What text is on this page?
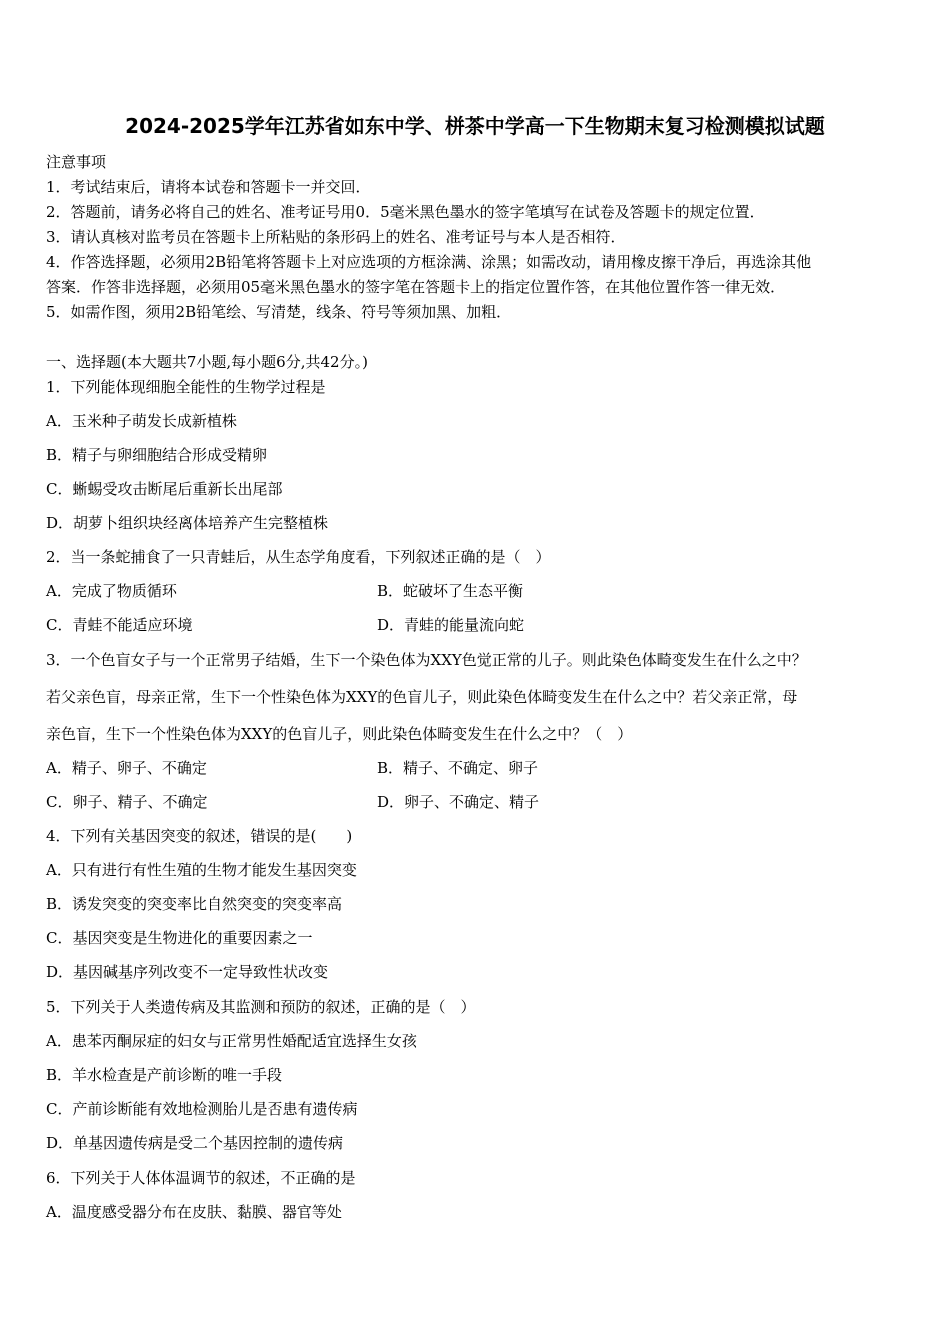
2024-2025学年江苏省如东中学、栟茶中学高一下生物期末复习检测模拟试题
注意事项
1．考试结束后，请将本试卷和答题卡一并交回．
2．答题前，请务必将自己的姓名、准考证号用0．5毫米黑色墨水的签字笔填写在试卷及答题卡的规定位置．
3．请认真核对监考员在答题卡上所粘贴的条形码上的姓名、准考证号与本人是否相符．
4．作答选择题，必须用2B铅笔将答题卡上对应选项的方框涂满、涂黑；如需改动，请用橡皮擦干净后，再选涂其他
答案．作答非选择题，必须用05毫米黑色墨水的签字笔在答题卡上的指定位置作答，在其他位置作答一律无效．
5．如需作图，须用2B铅笔绘、写清楚，线条、符号等须加黑、加粗．
一、选择题(本大题共7小题,每小题6分,共42分。)
1．下列能体现细胞全能性的生物学过程是
A．玉米种子萌发长成新植株
B．精子与卵细胞结合形成受精卵
C．蜥蜴受攻击断尾后重新长出尾部
D．胡萝卜组织块经离体培养产生完整植株
2．当一条蛇捕食了一只青蛙后，从生态学角度看，下列叙述正确的是（　）
A．完成了物质循环	B．蛇破坏了生态平衡
C．青蛙不能适应环境	D．青蛙的能量流向蛇
3．一个色盲女子与一个正常男子结婚，生下一个染色体为XXY色觉正常的儿子。则此染色体畸变发生在什么之中？
若父亲色盲，母亲正常，生下一个性染色体为XXY的色盲儿子，则此染色体畸变发生在什么之中？若父亲正常，母
亲色盲，生下一个性染色体为XXY的色盲儿子，则此染色体畸变发生在什么之中？（　）
A．精子、卵子、不确定	B．精子、不确定、卵子
C．卵子、精子、不确定	D．卵子、不确定、精子
4．下列有关基因突变的叙述，错误的是(　　)
A．只有进行有性生殖的生物才能发生基因突变
B．诱发突变的突变率比自然突变的突变率高
C．基因突变是生物进化的重要因素之一
D．基因碱基序列改变不一定导致性状改变
5．下列关于人类遗传病及其监测和预防的叙述，正确的是（　）
A．患苯丙酮尿症的妇女与正常男性婚配适宜选择生女孩
B．羊水检查是产前诊断的唯一手段
C．产前诊断能有效地检测胎儿是否患有遗传病
D．单基因遗传病是受二个基因控制的遗传病
6．下列关于人体体温调节的叙述，不正确的是
A．温度感受器分布在皮肤、黏膜、器官等处
